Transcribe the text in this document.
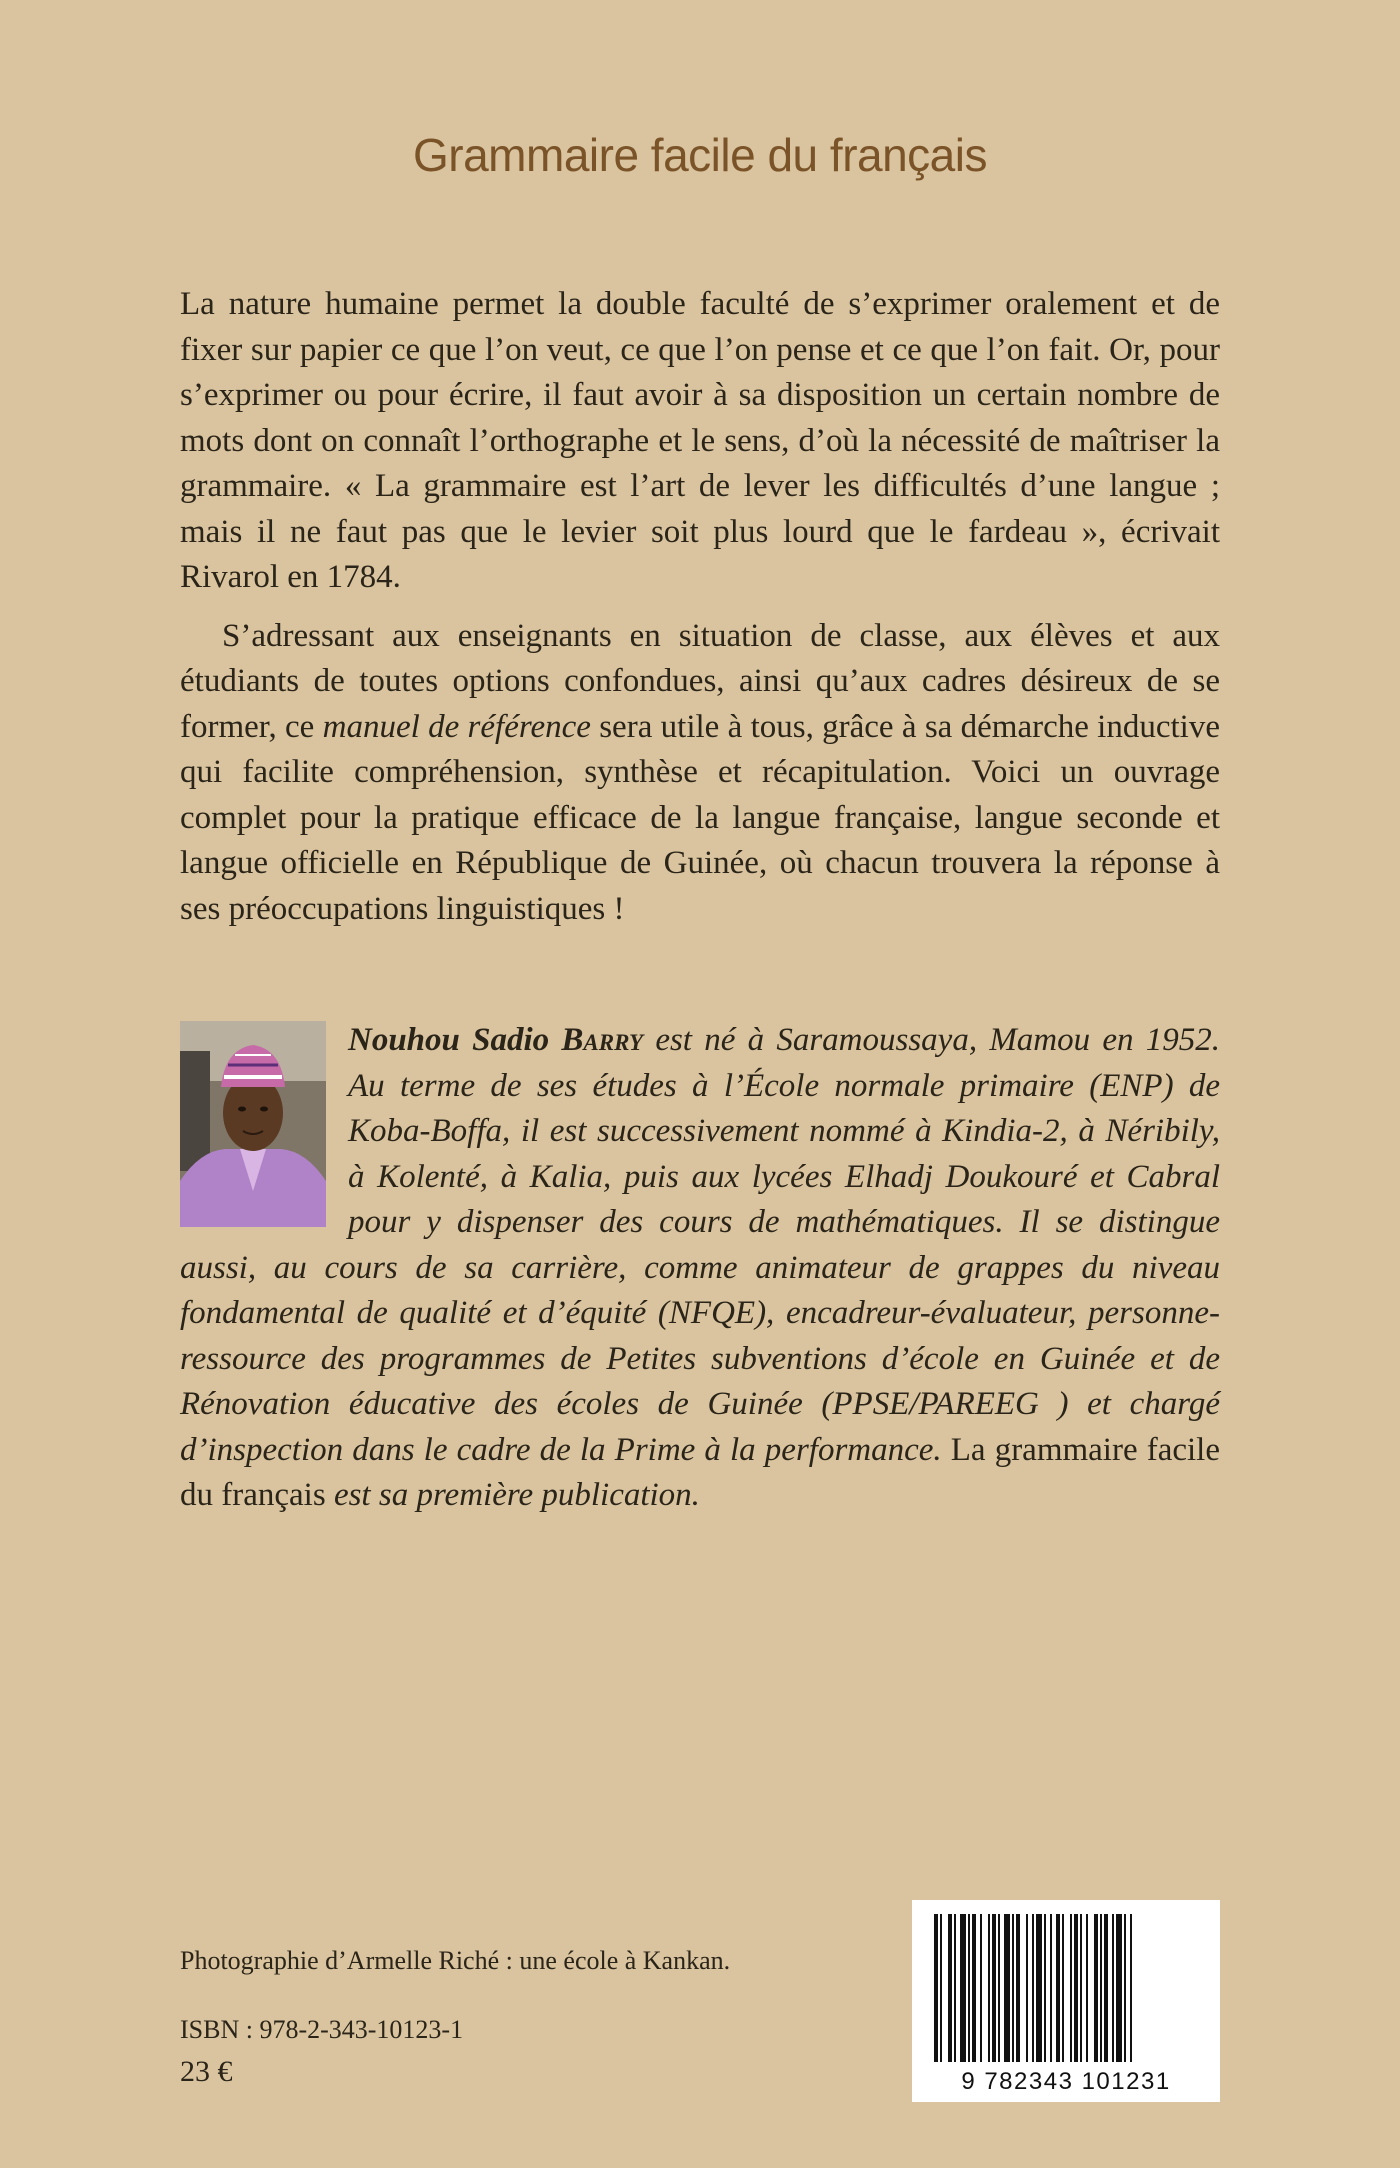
Grammaire facile du français

La nature humaine permet la double faculté de s’exprimer oralement et de fixer sur papier ce que l’on veut, ce que l’on pense et ce que l’on fait. Or, pour s’exprimer ou pour écrire, il faut avoir à sa disposition un certain nombre de mots dont on connaît l’orthographe et le sens, d’où la nécessité de maîtriser la grammaire. « La grammaire est l’art de lever les difficultés d’une langue ; mais il ne faut pas que le levier soit plus lourd que le fardeau », écrivait Rivarol en 1784.

S’adressant aux enseignants en situation de classe, aux élèves et aux étudiants de toutes options confondues, ainsi qu’aux cadres désireux de se former, ce manuel de référence sera utile à tous, grâce à sa démarche inductive qui facilite compréhension, synthèse et récapitulation. Voici un ouvrage complet pour la pratique efficace de la langue française, langue seconde et langue officielle en République de Guinée, où chacun trouvera la réponse à ses préoccupations linguistiques !

Nouhou Sadio Barry est né à Saramoussaya, Mamou en 1952. Au terme de ses études à l’École normale primaire (ENP) de Koba-Boffa, il est successivement nommé à Kindia-2, à Néribily, à Kolenté, à Kalia, puis aux lycées Elhadj Doukouré et Cabral pour y dispenser des cours de mathématiques. Il se distingue aussi, au cours de sa carrière, comme animateur de grappes du niveau fondamental de qualité et d’équité (NFQE), encadreur-évaluateur, personne-ressource des programmes de Petites subventions d’école en Guinée et de Rénovation éducative des écoles de Guinée (PPSE/PAREEG ) et chargé d’inspection dans le cadre de la Prime à la performance. La grammaire facile du français est sa première publication.
Photographie d’Armelle Riché : une école à Kankan.
ISBN : 978-2-343-10123-1
23 €	9 782343 101231
